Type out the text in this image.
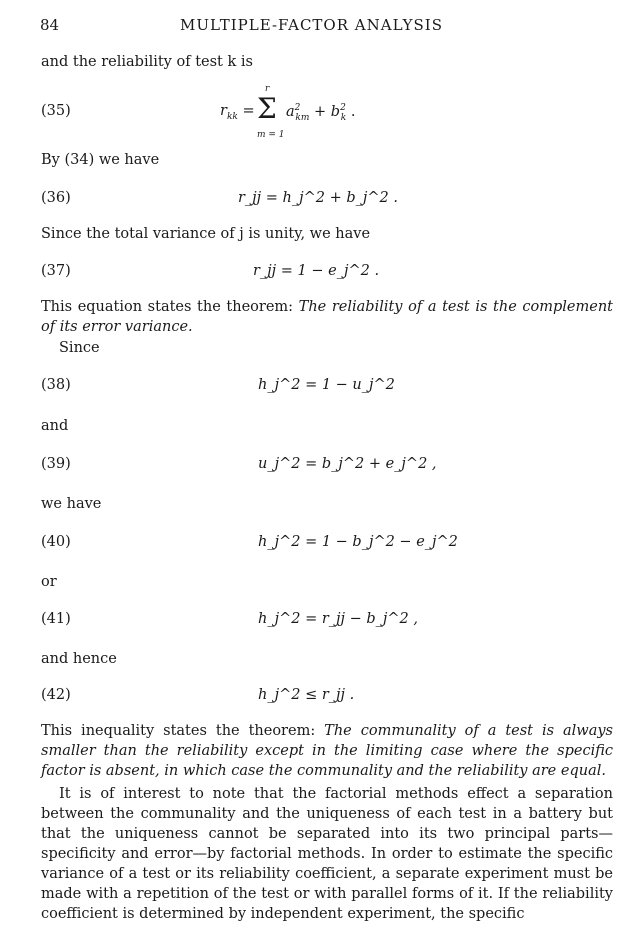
84	MULTIPLE-FACTOR ANALYSIS
and the reliability of test k is
(35)	$r_{kk} = \Sigma$
r
m = 1
$a^2_{km} + b^2_k$ .
By (34) we have
(36)	r_jj = h_j^2 + b_j^2 .
Since the total variance of j is unity, we have
(37)	r_jj = 1 − e_j^2 .

This equation states the theorem: The reliability of a test is the complement of its error variance.

Since
(38)	h_j^2 = 1 − u_j^2
and
(39)	u_j^2 = b_j^2 + e_j^2 ,
we have
(40)	h_j^2 = 1 − b_j^2 − e_j^2
or
(41)	h_j^2 = r_jj − b_j^2 ,
and hence
(42)	h_j^2 ≤ r_jj .

This inequality states the theorem: The communality of a test is always smaller than the reliability except in the limiting case where the specific factor is absent, in which case the communality and the reliability are equal.

It is of interest to note that the factorial methods effect a separation between the communality and the uniqueness of each test in a battery but that the uniqueness cannot be separated into its two principal parts—specificity and error—by factorial methods. In order to estimate the specific variance of a test or its reliability coefficient, a separate experiment must be made with a repetition of the test or with parallel forms of it. If the reliability coefficient is determined by independent experiment, the specific
